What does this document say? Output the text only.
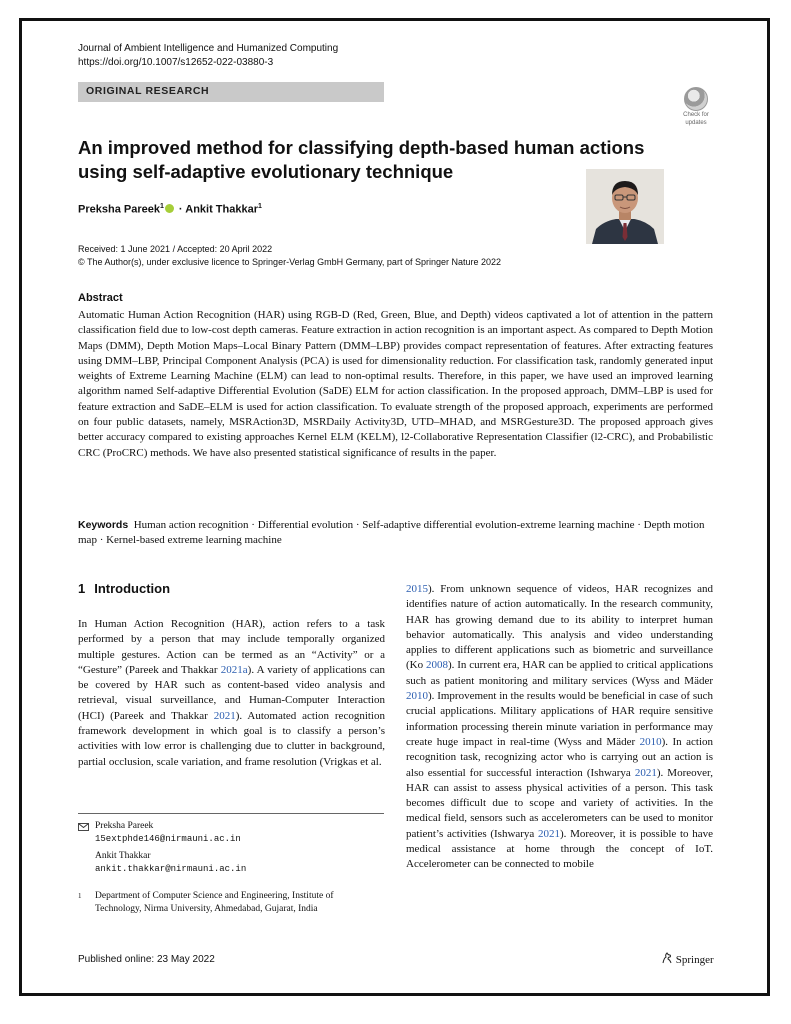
Journal of Ambient Intelligence and Humanized Computing
https://doi.org/10.1007/s12652-022-03880-3
ORIGINAL RESEARCH
Check for
updates
An improved method for classifying depth-based human actions using self-adaptive evolutionary technique
Preksha Pareek$^1$ · Ankit Thakkar$^1$
Received: 1 June 2021 / Accepted: 20 April 2022
© The Author(s), under exclusive licence to Springer-Verlag GmbH Germany, part of Springer Nature 2022
Abstract
Automatic Human Action Recognition (HAR) using RGB-D (Red, Green, Blue, and Depth) videos captivated a lot of attention in the pattern classification field due to low-cost depth cameras. Feature extraction in action recognition is an important aspect. As compared to Depth Motion Maps (DMM), Depth Motion Maps–Local Binary Pattern (DMM–LBP) provides compact representation of features. After extracting features using DMM–LBP, Principal Component Analysis (PCA) is used for dimensionality reduction. For classification task, randomly generated input weights of Extreme Learning Machine (ELM) can lead to non-optimal results. Therefore, in this paper, we have used an improved learning algorithm named Self-adaptive Differential Evolution (SaDE) ELM for action classification. In the proposed approach, DMM–LBP is used for feature extraction and SaDE–ELM is used for action classification. To evaluate strength of the proposed approach, experiments are performed on four public datasets, namely, MSRAction3D, MSRDaily Activity3D, UTD–MHAD, and MSRGesture3D. The proposed approach gives better accuracy compared to existing approaches Kernel ELM (KELM), l2-Collaborative Representation Classifier (l2-CRC), and Probabilistic CRC (ProCRC) methods. We have also presented statistical significance of results in the paper.
Keywords Human action recognition · Differential evolution · Self-adaptive differential evolution-extreme learning machine · Depth motion map · Kernel-based extreme learning machine
1 Introduction
In Human Action Recognition (HAR), action refers to a task performed by a person that may include temporally organized multiple gestures. Action can be termed as an “Activity” or a “Gesture” (Pareek and Thakkar 2021a). A variety of applications can be covered by HAR such as content-based video analysis and retrieval, visual surveillance, and Human-Computer Interaction (HCI) (Pareek and Thakkar 2021). Automated action recognition framework development in which goal is to classify a person’s activities with low error is challenging due to clutter in background, partial occlusion, scale variation, and frame resolution (Vrigkas et al.
2015). From unknown sequence of videos, HAR recognizes and identifies nature of action automatically. In the research community, HAR has growing demand due to its ability to interpret human behavior automatically. This analysis and video understanding applies to different applications such as biometric and surveillance (Ko 2008). In current era, HAR can be applied to critical applications such as patient monitoring and military services (Wyss and Mäder 2010). Improvement in the results would be beneficial in case of such crucial applications. Military applications of HAR require sensitive information processing therein minute variation in performance may create huge impact in real-time (Wyss and Mäder 2010). In action recognition task, recognizing actor who is carrying out an action is also essential for successful interaction (Ishwarya 2021). Moreover, HAR can assist to assess physical activities of a person. This task becomes difficult due to scope and variety of activities. In the medical field, sensors such as accelerometers can be used to monitor patient’s activities (Ishwarya 2021). Moreover, it is possible to have medical assistance at home through the concept of IoT. Accelerometer can be connected to mobile
Preksha Pareek
15extphde146@nirmauni.ac.in
Ankit Thakkar
ankit.thakkar@nirmauni.ac.in
1 Department of Computer Science and Engineering, Institute of Technology, Nirma University, Ahmedabad, Gujarat, India
Published online: 23 May 2022	Springer
